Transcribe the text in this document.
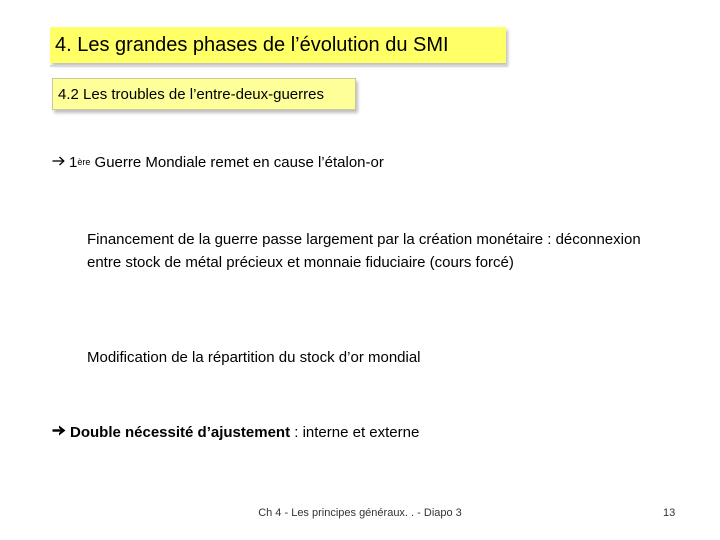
4. Les grandes phases de l’évolution du SMI
4.2 Les troubles de l’entre-deux-guerres
1ère Guerre Mondiale remet en cause l’étalon-or
Financement de la guerre passe largement par la création monétaire : déconnexion entre stock de métal précieux et monnaie fiduciaire (cours forcé)
Modification de la répartition du stock d’or mondial
Double nécessité d’ajustement : interne et externe
Ch 4 - Les principes généraux. . - Diapo 3	13
